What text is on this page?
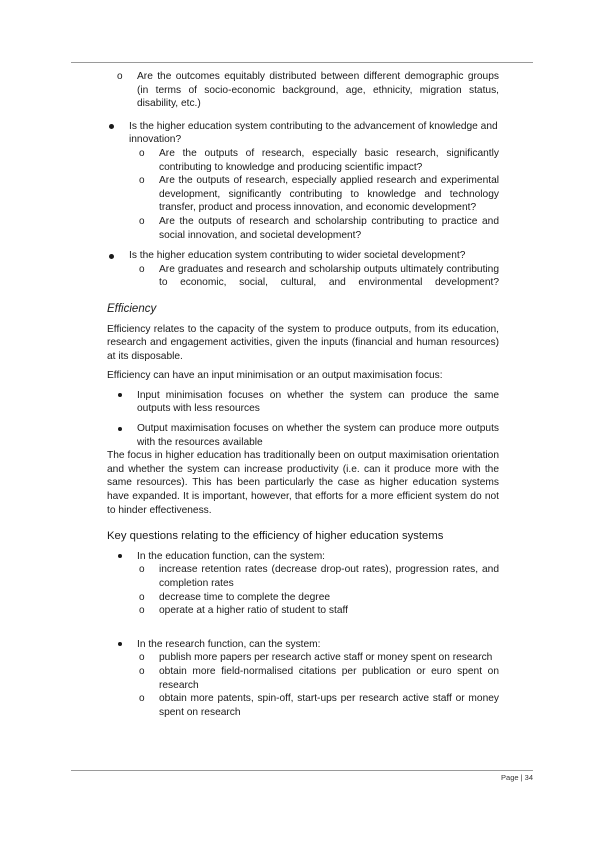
o Are the outcomes equitably distributed between different demographic groups (in terms of socio-economic background, age, ethnicity, migration status, disability, etc.)
Is the higher education system contributing to the advancement of knowledge and innovation?
o Are the outputs of research, especially basic research, significantly contributing to knowledge and producing scientific impact?
o Are the outputs of research, especially applied research and experimental development, significantly contributing to knowledge and technology transfer, product and process innovation, and economic development?
o Are the outputs of research and scholarship contributing to practice and social innovation, and societal development?
Is the higher education system contributing to wider societal development?
o Are graduates and research and scholarship outputs ultimately contributing to economic, social, cultural, and environmental development?

Efficiency

Efficiency relates to the capacity of the system to produce outputs, from its education, research and engagement activities, given the inputs (financial and human resources) at its disposable.

Efficiency can have an input minimisation or an output maximisation focus:

Input minimisation focuses on whether the system can produce the same outputs with less resources
Output maximisation focuses on whether the system can produce more outputs with the resources available

The focus in higher education has traditionally been on output maximisation orientation and whether the system can increase productivity (i.e. can it produce more with the same resources). This has been particularly the case as higher education systems have expanded. It is important, however, that efforts for a more efficient system do not to hinder effectiveness.

Key questions relating to the efficiency of higher education systems

In the education function, can the system:
o increase retention rates (decrease drop-out rates), progression rates, and completion rates
o decrease time to complete the degree
o operate at a higher ratio of student to staff
In the research function, can the system:
o publish more papers per research active staff or money spent on research
o obtain more field-normalised citations per publication or euro spent on research
o obtain more patents, spin-off, start-ups per research active staff or money spent on research
Page | 34
